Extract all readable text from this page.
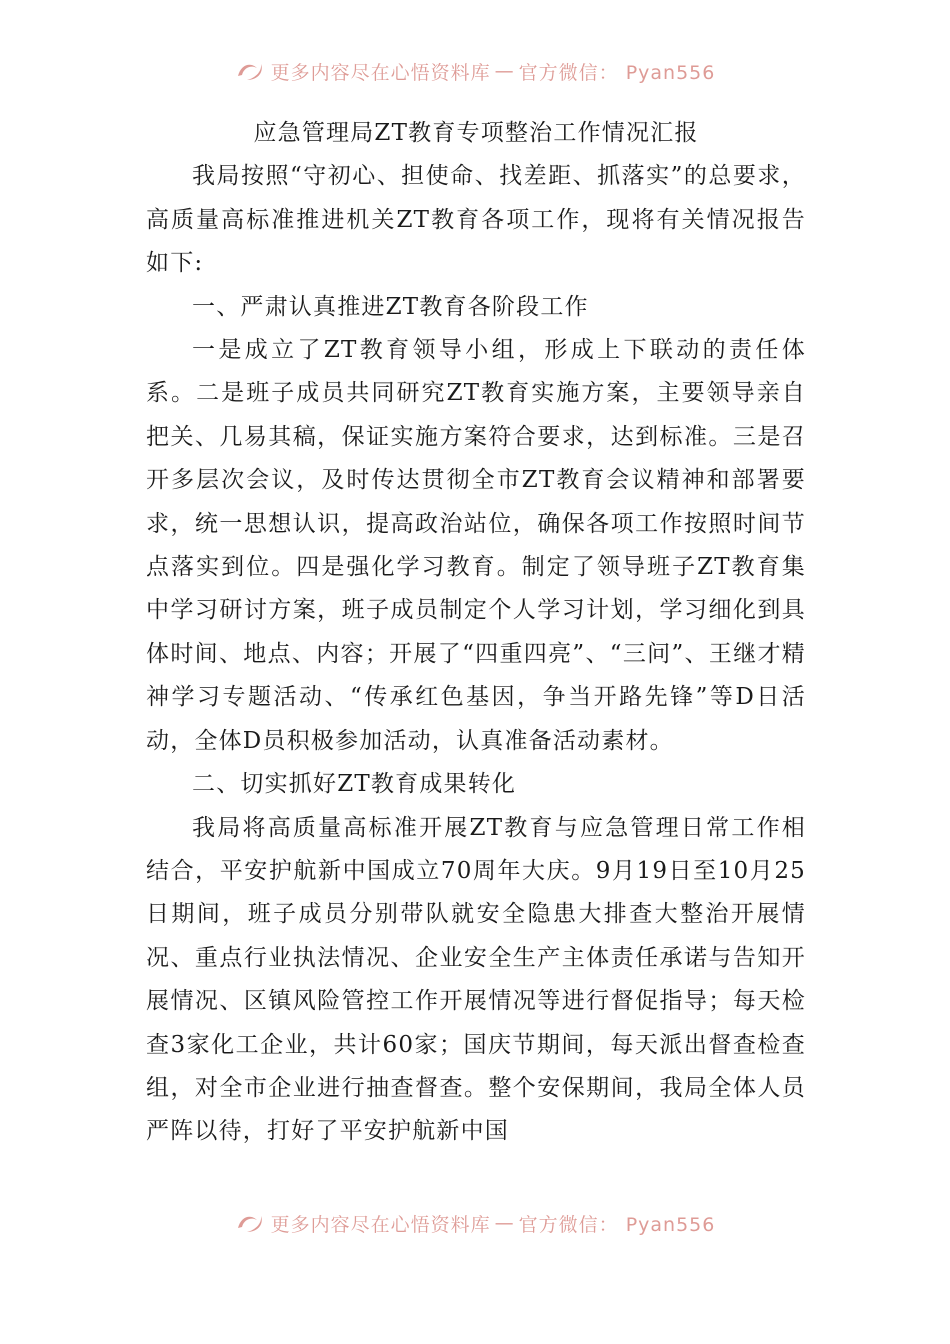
更多内容尽在心悟资料库 — 官方微信： Pyan556
应急管理局ZT教育专项整治工作情况汇报

我局按照“守初心、担使命、找差距、抓落实”的总要求，高质量高标准推进机关ZT教育各项工作，现将有关情况报告如下:

一、严肃认真推进ZT教育各阶段工作

一是成立了ZT教育领导小组，形成上下联动的责任体系。二是班子成员共同研究ZT教育实施方案，主要领导亲自把关、几易其稿，保证实施方案符合要求，达到标准。三是召开多层次会议，及时传达贯彻全市ZT教育会议精神和部署要求，统一思想认识，提高政治站位，确保各项工作按照时间节点落实到位。四是强化学习教育。制定了领导班子ZT教育集中学习研讨方案，班子成员制定个人学习计划，学习细化到具体时间、地点、内容；开展了“四重四亮”、“三问”、王继才精神学习专题活动、“传承红色基因，争当开路先锋”等D日活动，全体D员积极参加活动，认真准备活动素材。

二、切实抓好ZT教育成果转化

我局将高质量高标准开展ZT教育与应急管理日常工作相结合，平安护航新中国成立70周年大庆。9月19日至10月25日期间，班子成员分别带队就安全隐患大排查大整治开展情况、重点行业执法情况、企业安全生产主体责任承诺与告知开展情况、区镇风险管控工作开展情况等进行督促指导；每天检查3家化工企业，共计60家；国庆节期间，每天派出督查检查组，对全市企业进行抽查督查。整个安保期间，我局全体人员严阵以待，打好了平安护航新中国

更多内容尽在心悟资料库 — 官方微信： Pyan556
